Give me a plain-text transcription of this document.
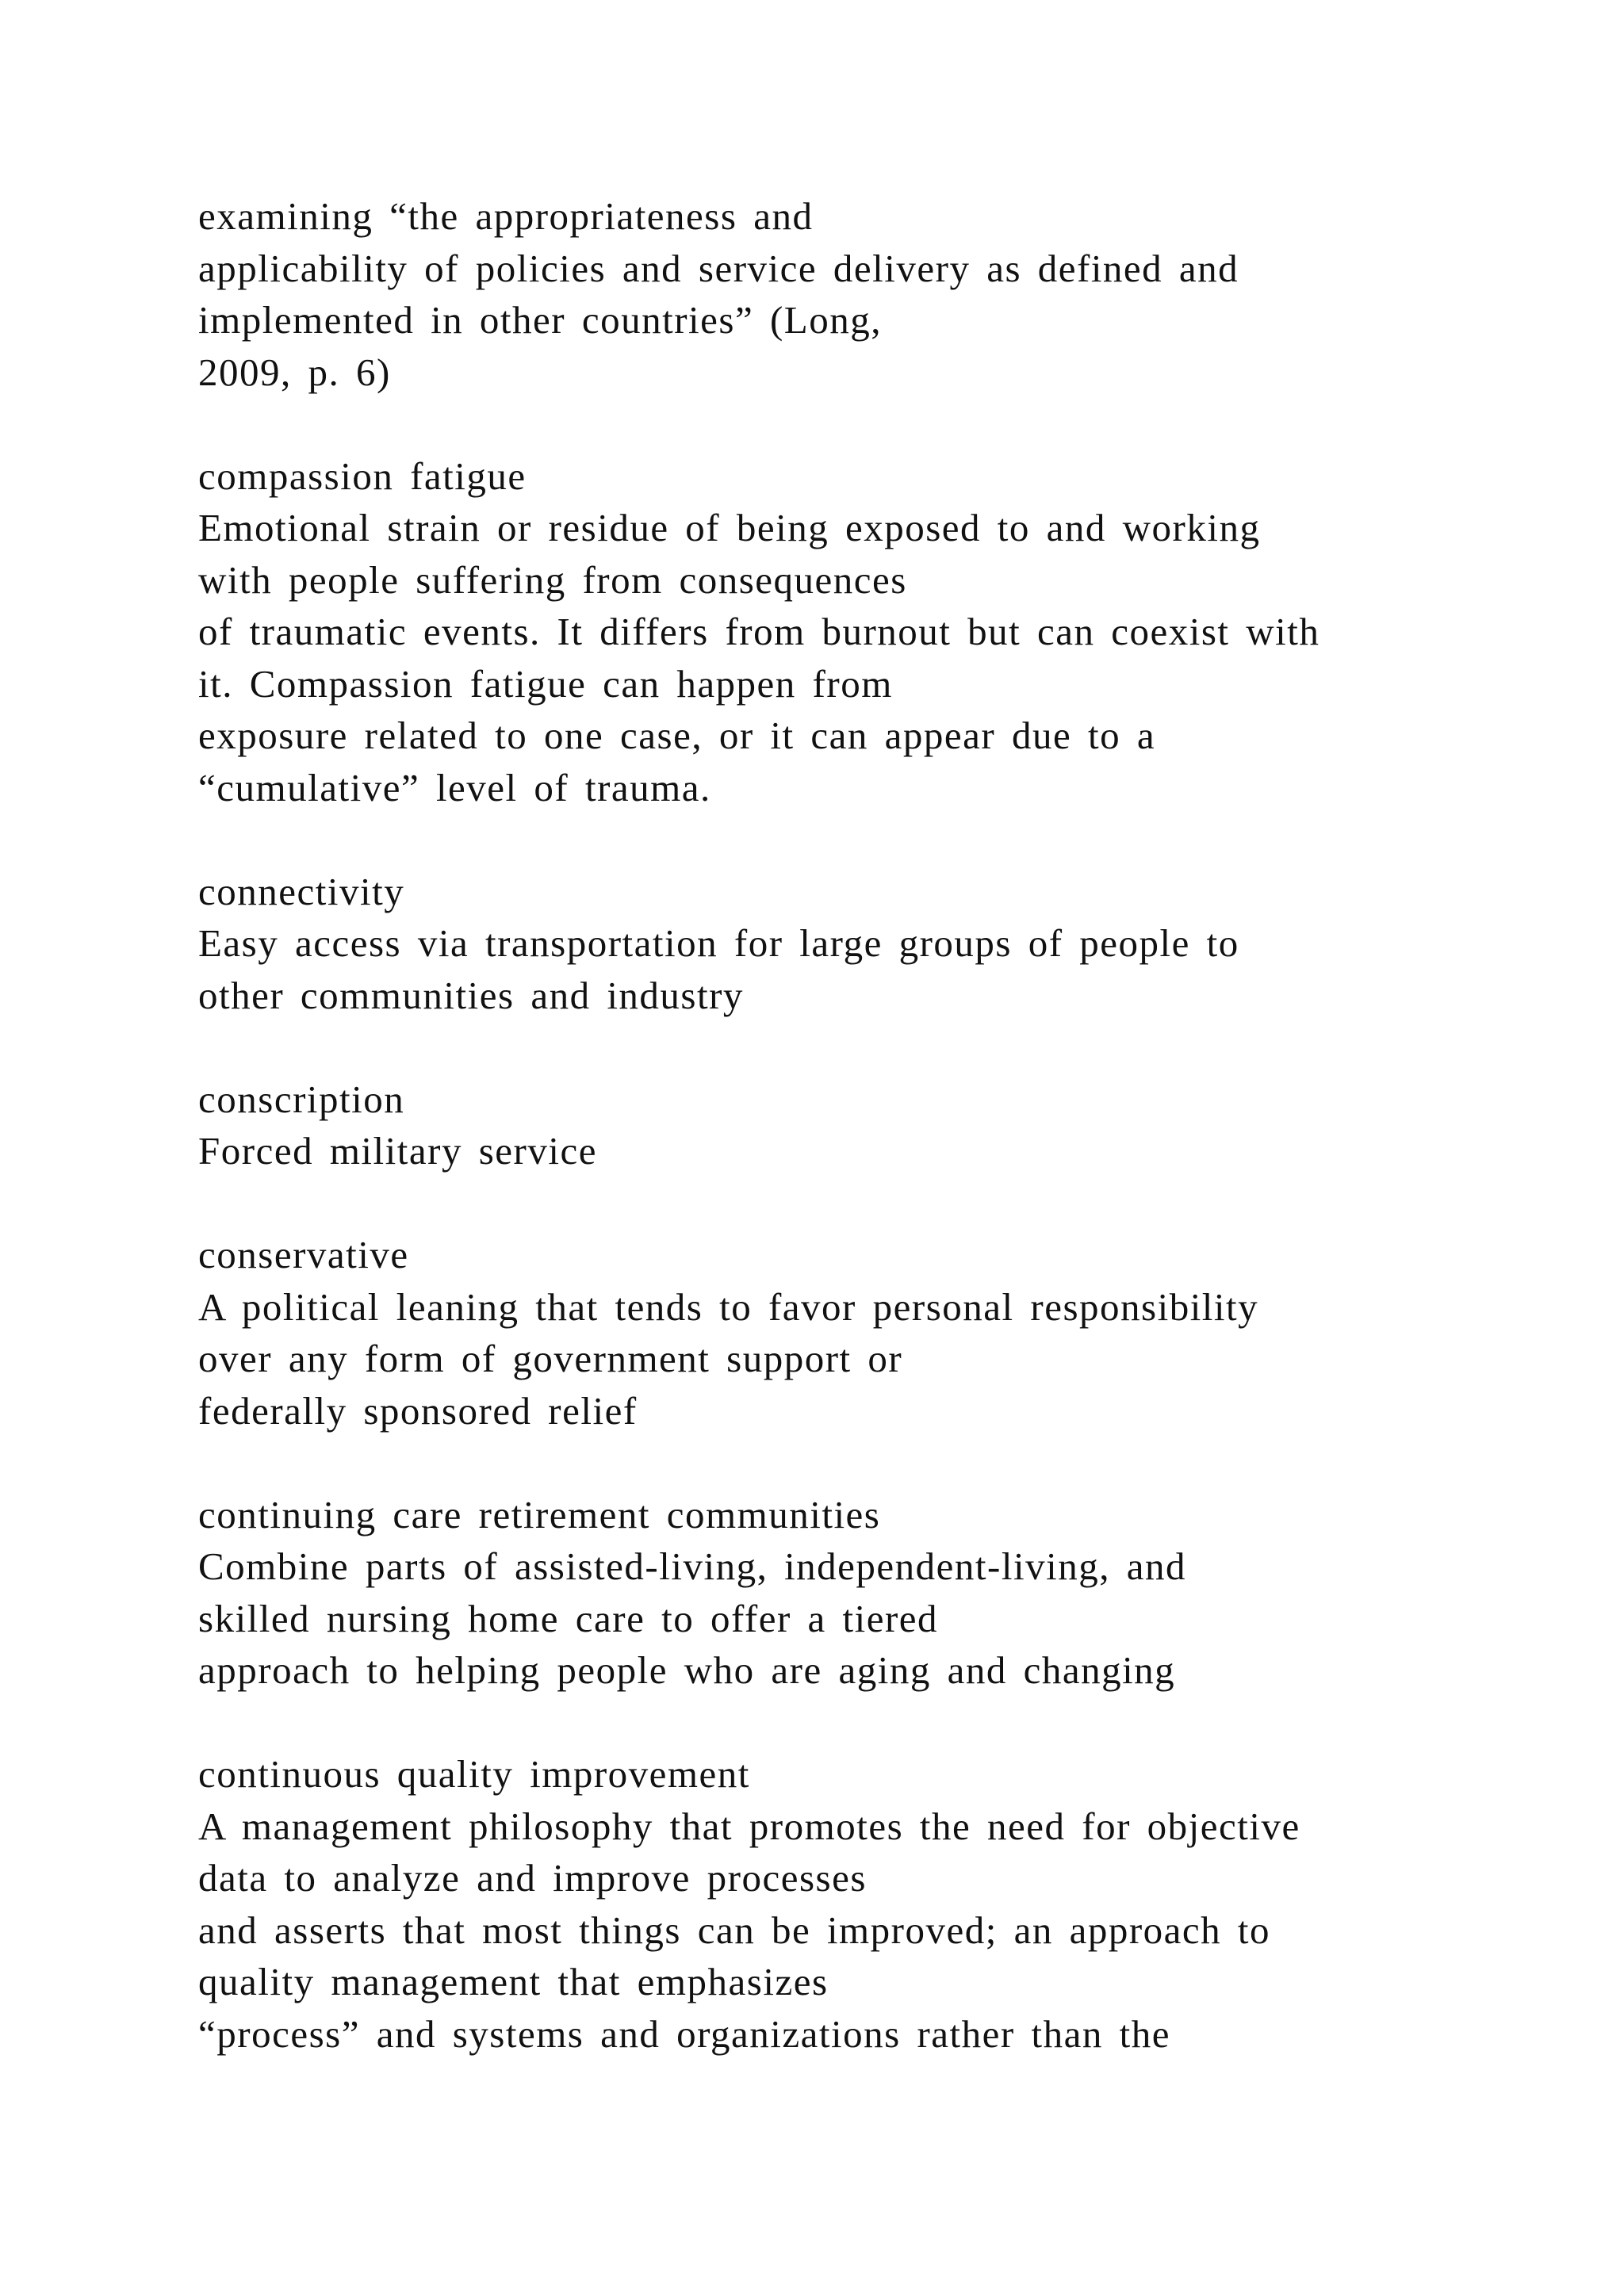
examining “the appropriateness and
applicability of policies and service delivery as defined and
implemented in other countries” (Long,
2009, p. 6)
compassion fatigue
Emotional strain or residue of being exposed to and working
with people suffering from consequences
of traumatic events. It differs from burnout but can coexist with
it. Compassion fatigue can happen from
exposure related to one case, or it can appear due to a
“cumulative” level of trauma.
connectivity
Easy access via transportation for large groups of people to
other communities and industry
conscription
Forced military service
conservative
A political leaning that tends to favor personal responsibility
over any form of government support or
federally sponsored relief
continuing care retirement communities
Combine parts of assisted-living, independent-living, and
skilled nursing home care to offer a tiered
approach to helping people who are aging and changing
continuous quality improvement
A management philosophy that promotes the need for objective
data to analyze and improve processes
and asserts that most things can be improved; an approach to
quality management that emphasizes
“process” and systems and organizations rather than the
